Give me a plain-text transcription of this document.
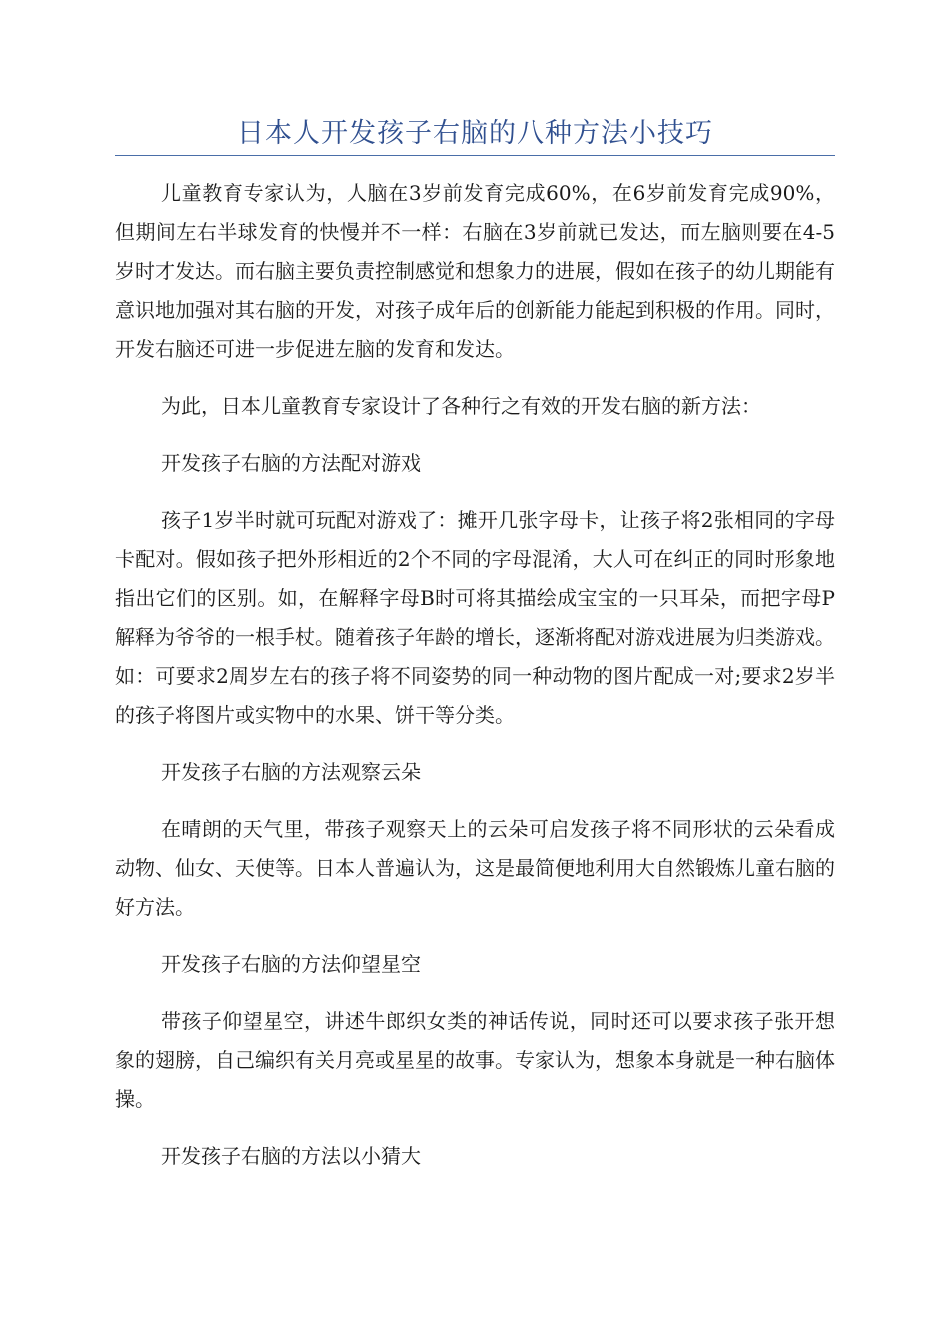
日本人开发孩子右脑的八种方法小技巧

儿童教育专家认为，人脑在3岁前发育完成60%，在6岁前发育完成90%，但期间左右半球发育的快慢并不一样：右脑在3岁前就已发达，而左脑则要在4-5岁时才发达。而右脑主要负责控制感觉和想象力的进展，假如在孩子的幼儿期能有意识地加强对其右脑的开发，对孩子成年后的创新能力能起到积极的作用。同时，开发右脑还可进一步促进左脑的发育和发达。

为此，日本儿童教育专家设计了各种行之有效的开发右脑的新方法：

开发孩子右脑的方法配对游戏

孩子1岁半时就可玩配对游戏了：摊开几张字母卡，让孩子将2张相同的字母卡配对。假如孩子把外形相近的2个不同的字母混淆，大人可在纠正的同时形象地指出它们的区别。如，在解释字母B时可将其描绘成宝宝的一只耳朵，而把字母P解释为爷爷的一根手杖。随着孩子年龄的增长，逐渐将配对游戏进展为归类游戏。如：可要求2周岁左右的孩子将不同姿势的同一种动物的图片配成一对;要求2岁半的孩子将图片或实物中的水果、饼干等分类。

开发孩子右脑的方法观察云朵

在晴朗的天气里，带孩子观察天上的云朵可启发孩子将不同形状的云朵看成动物、仙女、天使等。日本人普遍认为，这是最简便地利用大自然锻炼儿童右脑的好方法。

开发孩子右脑的方法仰望星空

带孩子仰望星空，讲述牛郎织女类的神话传说，同时还可以要求孩子张开想象的翅膀，自己编织有关月亮或星星的故事。专家认为，想象本身就是一种右脑体操。

开发孩子右脑的方法以小猜大
